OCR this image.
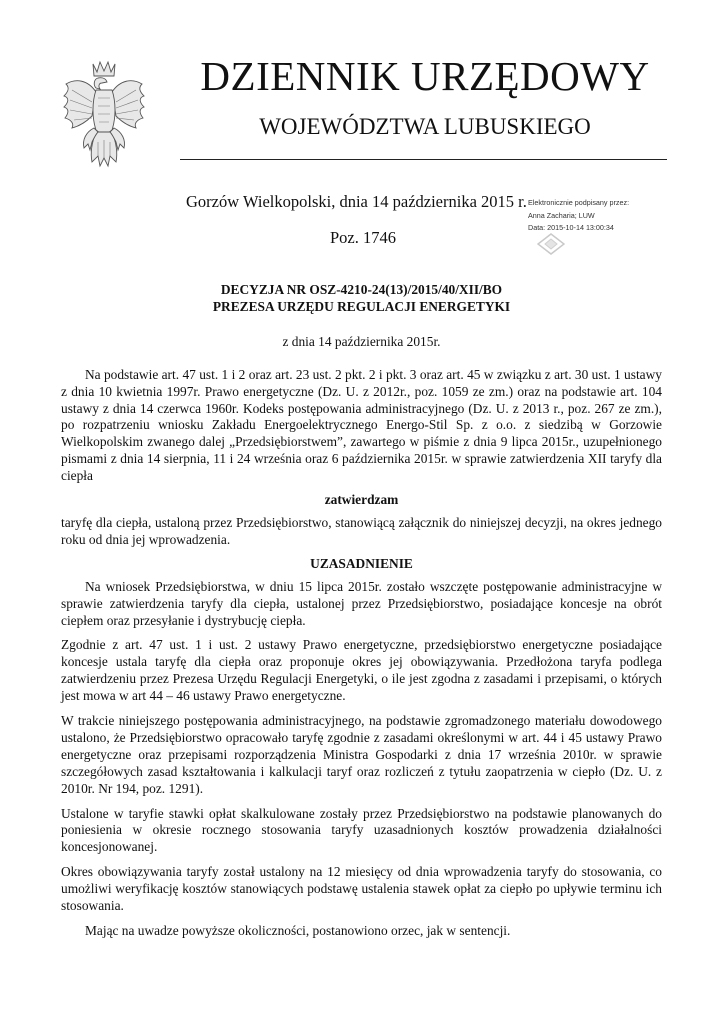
DZIENNIK URZĘDOWY
WOJEWÓDZTWA LUBUSKIEGO
Gorzów Wielkopolski, dnia 14 października 2015 r.
Poz. 1746
Elektronicznie podpisany przez:
Anna Zacharia; LUW
Data: 2015-10-14 13:00:34
DECYZJA NR OSZ-4210-24(13)/2015/40/XII/BO
PREZESA URZĘDU REGULACJI ENERGETYKI
z dnia 14 października 2015r.

Na podstawie art. 47 ust. 1 i 2 oraz art. 23 ust. 2 pkt. 2 i pkt. 3 oraz art. 45 w związku z art. 30 ust. 1 ustawy z dnia 10 kwietnia 1997r. Prawo energetyczne (Dz. U. z 2012r., poz. 1059 ze zm.) oraz na podstawie art. 104 ustawy z dnia 14 czerwca 1960r. Kodeks postępowania administracyjnego (Dz. U. z 2013 r., poz. 267 ze zm.), po rozpatrzeniu wniosku Zakładu Energoelektrycznego Energo-Stil Sp. z o.o. z siedzibą w Gorzowie Wielkopolskim zwanego dalej „Przedsiębiorstwem”, zawartego w piśmie z dnia 9 lipca 2015r., uzupełnionego pismami z dnia 14 sierpnia, 11 i 24 września oraz 6 października 2015r. w sprawie zatwierdzenia XII taryfy dla ciepła

zatwierdzam

taryfę dla ciepła, ustaloną przez Przedsiębiorstwo, stanowiącą załącznik do niniejszej decyzji, na okres jednego roku od dnia jej wprowadzenia.

UZASADNIENIE

Na wniosek Przedsiębiorstwa, w dniu 15 lipca 2015r. zostało wszczęte postępowanie administracyjne w sprawie zatwierdzenia taryfy dla ciepła, ustalonej przez Przedsiębiorstwo, posiadające koncesje na obrót ciepłem oraz przesyłanie i dystrybucję ciepła.

Zgodnie z art. 47 ust. 1 i ust. 2 ustawy Prawo energetyczne, przedsiębiorstwo energetyczne posiadające koncesje ustala taryfę dla ciepła oraz proponuje okres jej obowiązywania. Przedłożona taryfa podlega zatwierdzeniu przez Prezesa Urzędu Regulacji Energetyki, o ile jest zgodna z zasadami i przepisami, o których jest mowa w art 44 – 46 ustawy Prawo energetyczne.

W trakcie niniejszego postępowania administracyjnego, na podstawie zgromadzonego materiału dowodowego ustalono, że Przedsiębiorstwo opracowało taryfę zgodnie z zasadami określonymi w art. 44 i 45 ustawy Prawo energetyczne oraz przepisami rozporządzenia Ministra Gospodarki z dnia 17 września 2010r. w sprawie szczegółowych zasad kształtowania i kalkulacji taryf oraz rozliczeń z tytułu zaopatrzenia w ciepło (Dz. U. z 2010r. Nr 194, poz. 1291).

Ustalone w taryfie stawki opłat skalkulowane zostały przez Przedsiębiorstwo na podstawie planowanych do poniesienia w okresie rocznego stosowania taryfy uzasadnionych kosztów prowadzenia działalności koncesjonowanej.

Okres obowiązywania taryfy został ustalony na 12 miesięcy od dnia wprowadzenia taryfy do stosowania, co umożliwi weryfikację kosztów stanowiących podstawę ustalenia stawek opłat za ciepło po upływie terminu ich stosowania.

Mając na uwadze powyższe okoliczności, postanowiono orzec, jak w sentencji.
